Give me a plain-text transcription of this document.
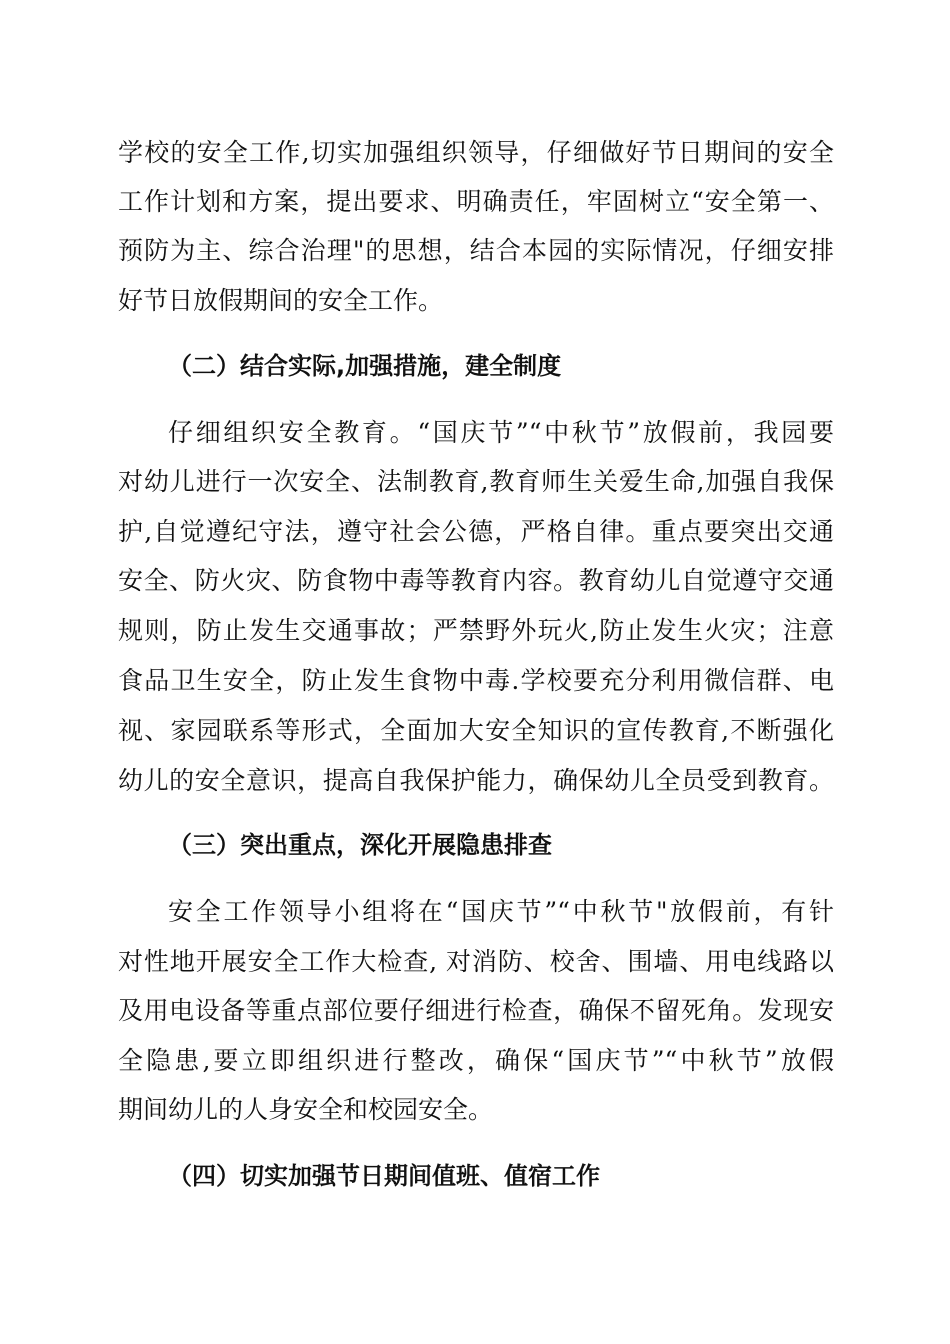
学校的安全工作,切实加强组织领导，仔细做好节日期间的安全
工作计划和方案，提出要求、明确责任，牢固树立“安全第一、
预防为主、综合治理"的思想，结合本园的实际情况，仔细安排
好节日放假期间的安全工作。
（二）结合实际,加强措施，建全制度
仔细组织安全教育。“国庆节”“中秋节”放假前，我园要
对幼儿进行一次安全、法制教育,教育师生关爱生命,加强自我保
护,自觉遵纪守法，遵守社会公德，严格自律。重点要突出交通
安全、防火灾、防食物中毒等教育内容。教育幼儿自觉遵守交通
规则，防止发生交通事故；严禁野外玩火,防止发生火灾；注意
食品卫生安全，防止发生食物中毒.学校要充分利用微信群、电
视、家园联系等形式，全面加大安全知识的宣传教育,不断强化
幼儿的安全意识，提高自我保护能力，确保幼儿全员受到教育。
（三）突出重点，深化开展隐患排查
安全工作领导小组将在“国庆节”“中秋节"放假前，有针
对性地开展安全工作大检查, 对消防、校舍、围墙、用电线路以
及用电设备等重点部位要仔细进行检查，确保不留死角。发现安
全隐患,要立即组织进行整改，确保“国庆节”“中秋节”放假
期间幼儿的人身安全和校园安全。
（四）切实加强节日期间值班、值宿工作
